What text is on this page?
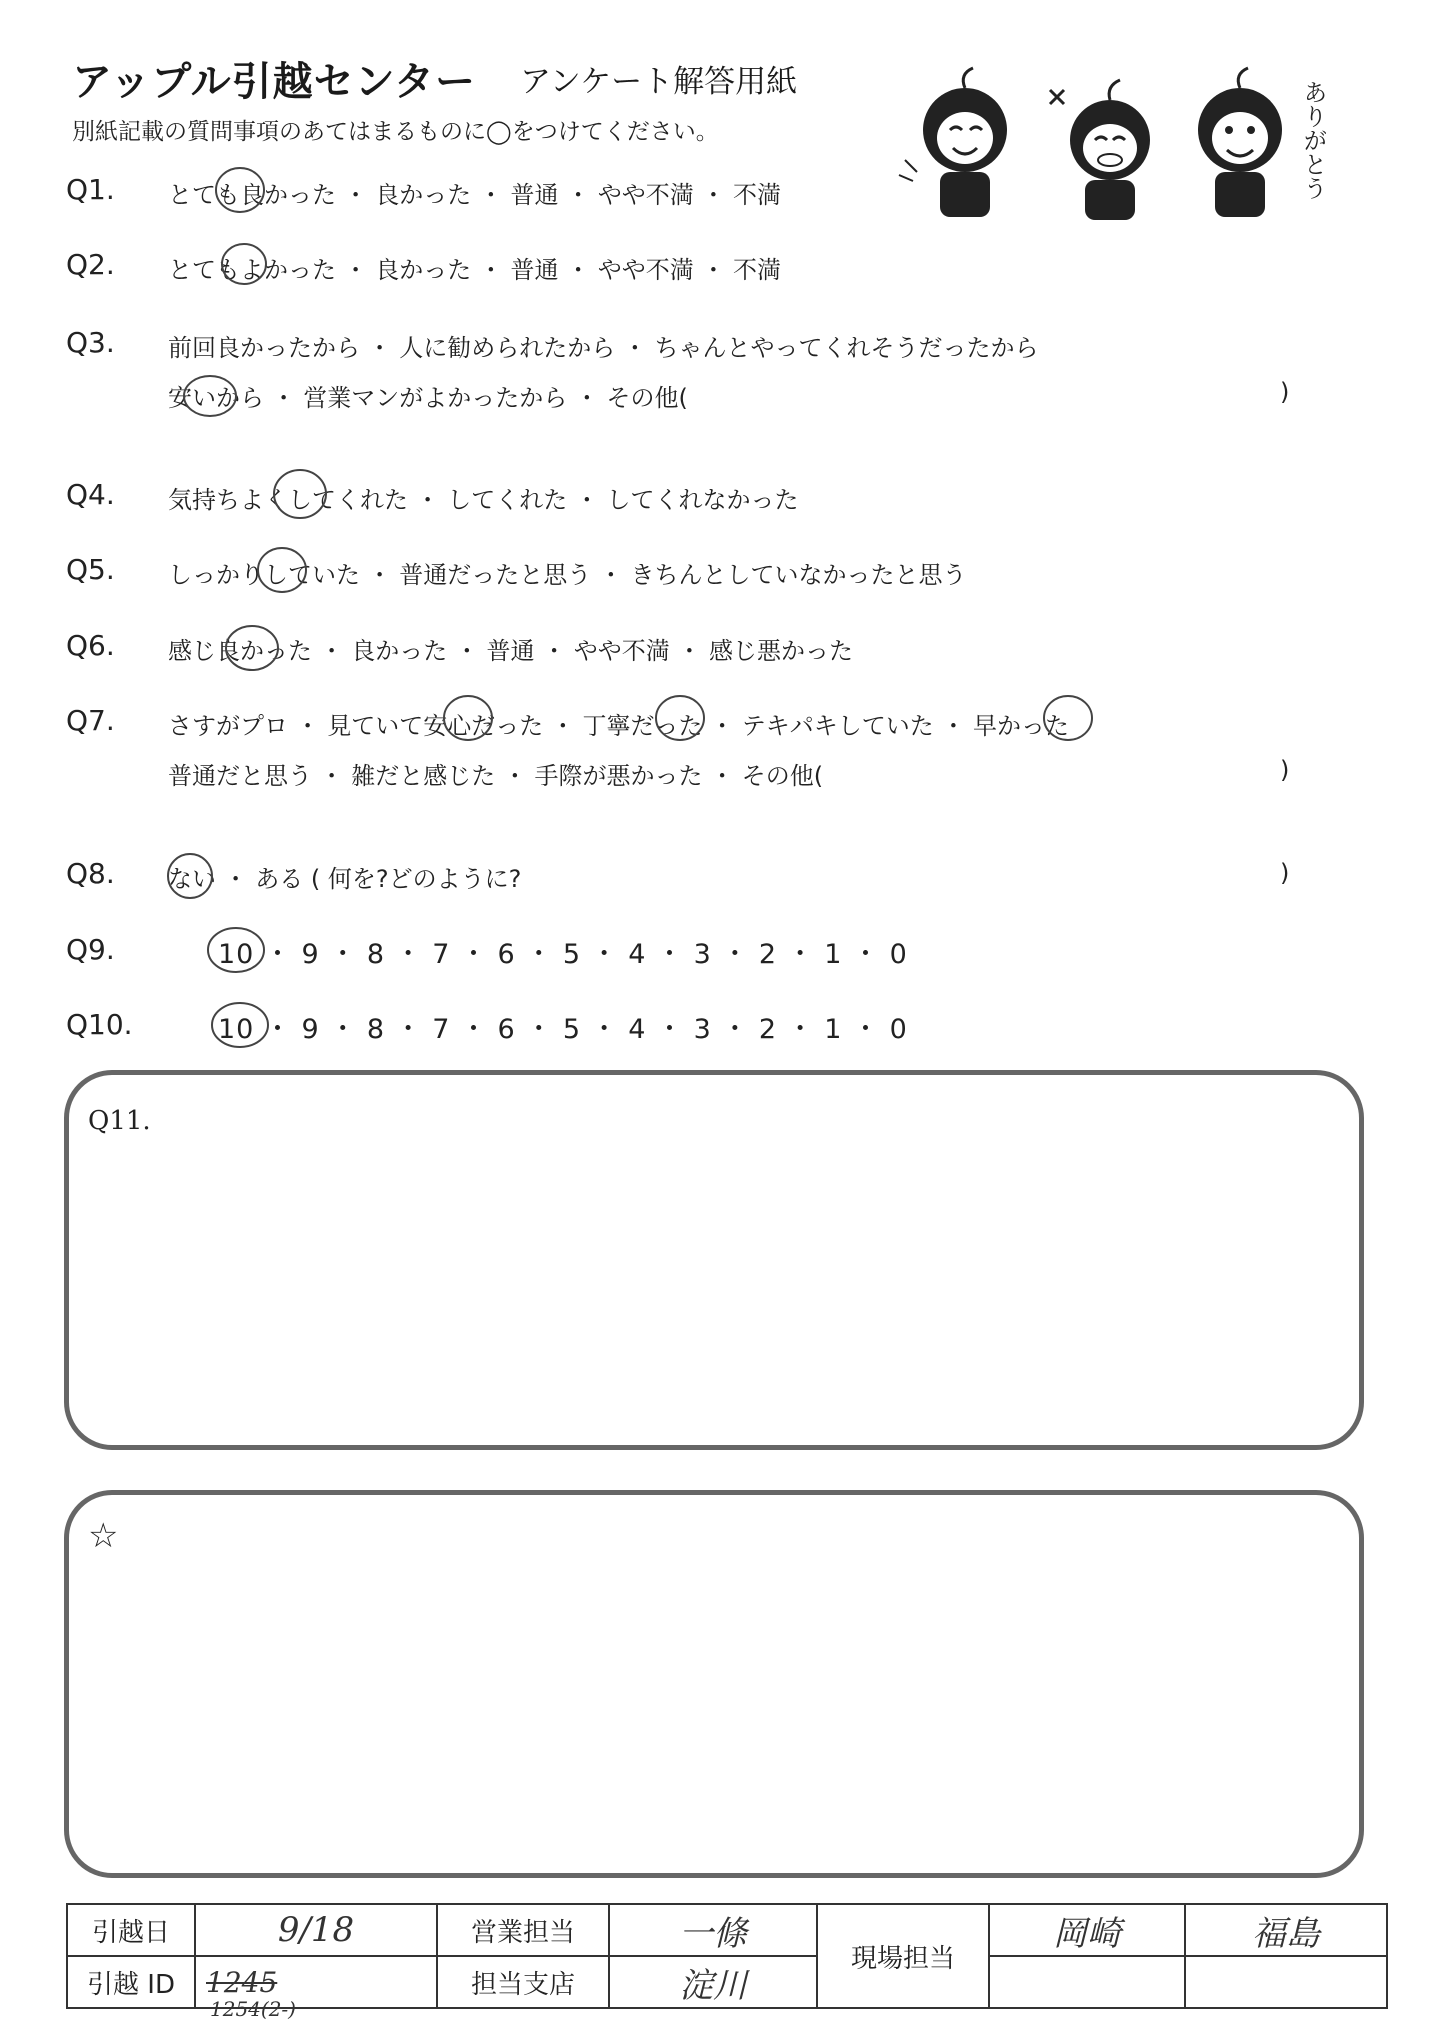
アップル引越センター アンケート解答用紙
別紙記載の質問事項のあてはまるものに◯をつけてください。	ありがとう
Q1. とても良かった ・ 良かった ・ 普通 ・ やや不満 ・ 不満
Q2. とてもよかった ・ 良かった ・ 普通 ・ やや不満 ・ 不満
Q3. 前回良かったから ・ 人に勧められたから ・ ちゃんとやってくれそうだったから
安いから ・ 営業マンがよかったから ・ その他(	)
Q4. 気持ちよくしてくれた ・ してくれた ・ してくれなかった
Q5. しっかりしていた ・ 普通だったと思う ・ きちんとしていなかったと思う
Q6. 感じ良かった ・ 良かった ・ 普通 ・ やや不満 ・ 感じ悪かった
Q7. さすがプロ ・ 見ていて安心だった ・ 丁寧だった ・ テキパキしていた ・ 早かった
普通だと思う ・ 雑だと感じた ・ 手際が悪かった ・ その他(	)
Q8. ない ・ ある ( 何を?どのように?	)
Q9.	10 ・ 9 ・ 8 ・ 7 ・ 6 ・ 5 ・ 4 ・ 3 ・ 2 ・ 1 ・ 0
Q10.	10 ・ 9 ・ 8 ・ 7 ・ 6 ・ 5 ・ 4 ・ 3 ・ 2 ・ 1 ・ 0
Q11.
☆
引越日	9/18	営業担当	一條	現場担当	岡崎	福島
引越 ID	1245	担当支店	淀川			
1254(2-)
